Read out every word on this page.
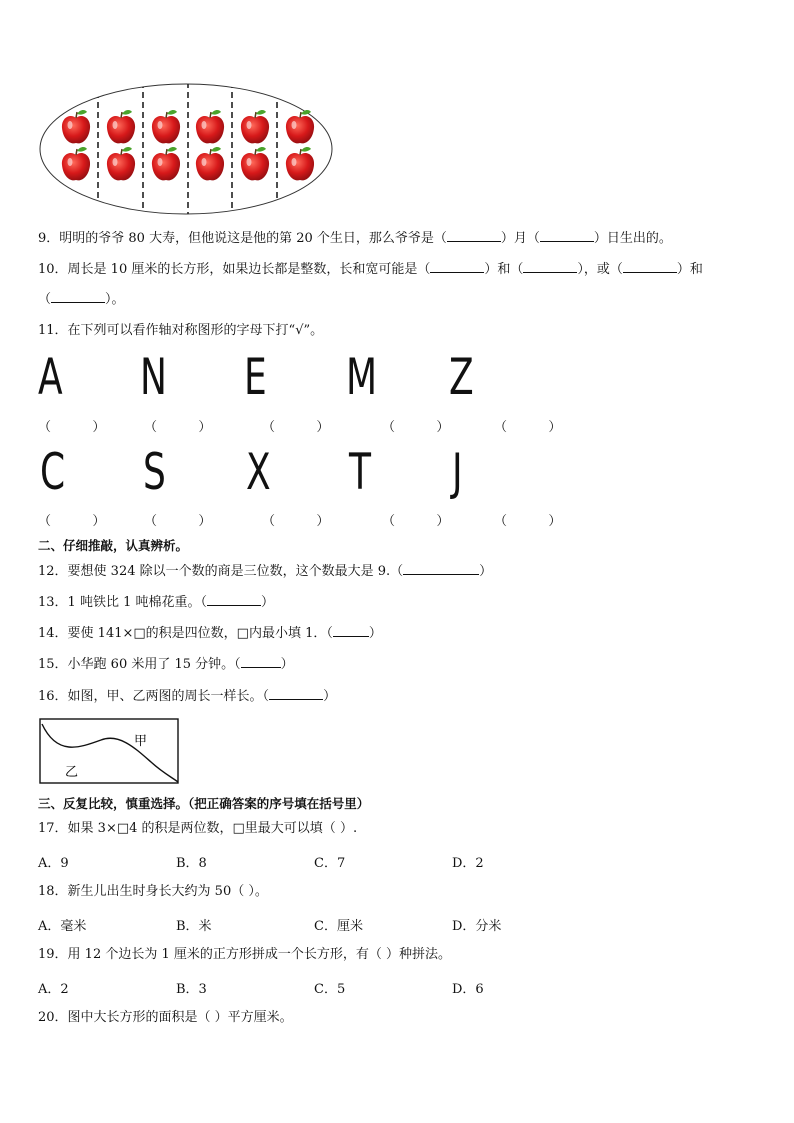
9．明明的爷爷 80 大寿，但他说这是他的第 20 个生日，那么爷爷是（	）月（	）日生出的。
10．周长是 10 厘米的长方形，如果边长都是整数，长和宽可能是（	）和（	），或（	）和
（	）。
11．在下列可以看作轴对称图形的字母下打“√”。
A N E M Z
（          ）	（          ）	（          ）	（          ）	（          ）
C S X T J
（          ）	（          ）	（          ）	（          ）	（          ）
二、仔细推敲，认真辨析。
12．要想使 324 除以一个数的商是三位数，这个数最大是 9.（	）
13．1 吨铁比 1 吨棉花重。（	）
14．要使 141×□的积是四位数，□内最小填 1．（	）
15．小华跑 60 米用了 15 分钟。（	）
16．如图，甲、乙两图的周长一样长。（	）
甲
乙
三、反复比较，慎重选择。（把正确答案的序号填在括号里）
17．如果 3×□4 的积是两位数，□里最大可以填（ ）.
A．9	B．8	C．7	D．2
18．新生儿出生时身长大约为 50（ ）。
A．毫米	B．米	C．厘米	D．分米
19．用 12 个边长为 1 厘米的正方形拼成一个长方形，有（ ）种拼法。
A．2	B．3	C．5	D．6
20．图中大长方形的面积是（ ）平方厘米。
